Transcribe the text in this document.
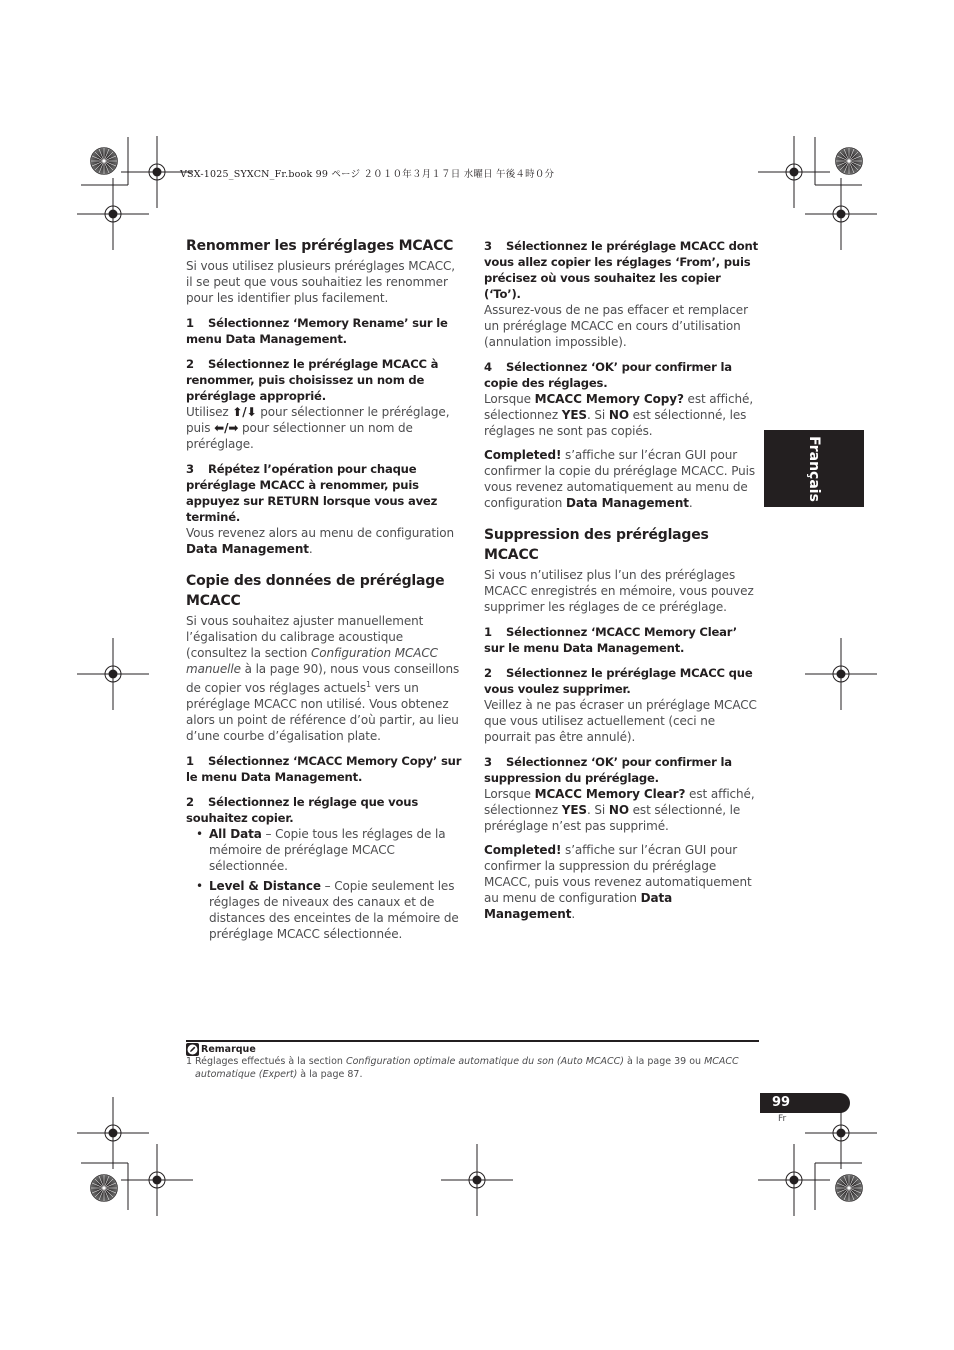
VSX-1025_SYXCN_Fr.book 99 ページ ２０１０年３月１７日 水曜日 午後４時０分
Renommer les préréglages MCACC

Si vous utilisez plusieurs préréglages MCACC, il se peut que vous souhaitiez les renommer pour les identifier plus facilement.

1 Sélectionnez ‘Memory Rename’ sur le menu Data Management.
2 Sélectionnez le préréglage MCACC à renommer, puis choisissez un nom de préréglage approprié.

Utilisez ⬆/⬇ pour sélectionner le préréglage, puis ⬅/➡ pour sélectionner un nom de préréglage.

3 Répétez l’opération pour chaque préréglage MCACC à renommer, puis appuyez sur RETURN lorsque vous avez terminé.

Vous revenez alors au menu de configuration Data Management.

Copie des données de préréglage MCACC

Si vous souhaitez ajuster manuellement l’égalisation du calibrage acoustique (consultez la section Configuration MCACC manuelle à la page 90), nous vous conseillons de copier vos réglages actuels$^1$ vers un préréglage MCACC non utilisé. Vous obtenez alors un point de référence d’où partir, au lieu d’une courbe d’égalisation plate.

1 Sélectionnez ‘MCACC Memory Copy’ sur le menu Data Management.
2 Sélectionnez le réglage que vous souhaitez copier.
• All Data – Copie tous les réglages de la mémoire de préréglage MCACC sélectionnée.
• Level & Distance – Copie seulement les réglages de niveaux des canaux et de distances des enceintes de la mémoire de préréglage MCACC sélectionnée.
3 Sélectionnez le préréglage MCACC dont vous allez copier les réglages ‘From’, puis précisez où vous souhaitez les copier (‘To’).

Assurez-vous de ne pas effacer et remplacer un préréglage MCACC en cours d’utilisation (annulation impossible).

4 Sélectionnez ‘OK’ pour confirmer la copie des réglages.

Lorsque MCACC Memory Copy? est affiché, sélectionnez YES. Si NO est sélectionné, les réglages ne sont pas copiés.

Completed! s’affiche sur l’écran GUI pour confirmer la copie du préréglage MCACC. Puis vous revenez automatiquement au menu de configuration Data Management.

Suppression des préréglages MCACC

Si vous n’utilisez plus l’un des préréglages MCACC enregistrés en mémoire, vous pouvez supprimer les réglages de ce préréglage.

1 Sélectionnez ‘MCACC Memory Clear’ sur le menu Data Management.
2 Sélectionnez le préréglage MCACC que vous voulez supprimer.

Veillez à ne pas écraser un préréglage MCACC que vous utilisez actuellement (ceci ne pourrait pas être annulé).

3 Sélectionnez ‘OK’ pour confirmer la suppression du préréglage.

Lorsque MCACC Memory Clear? est affiché, sélectionnez YES. Si NO est sélectionné, le préréglage n’est pas supprimé.

Completed! s’affiche sur l’écran GUI pour confirmer la suppression du préréglage MCACC, puis vous revenez automatiquement au menu de configuration Data Management.

Français
Remarque
1 Réglages effectués à la section Configuration optimale automatique du son (Auto MCACC) à la page 39 ou MCACC
automatique (Expert) à la page 87.
99
Fr
